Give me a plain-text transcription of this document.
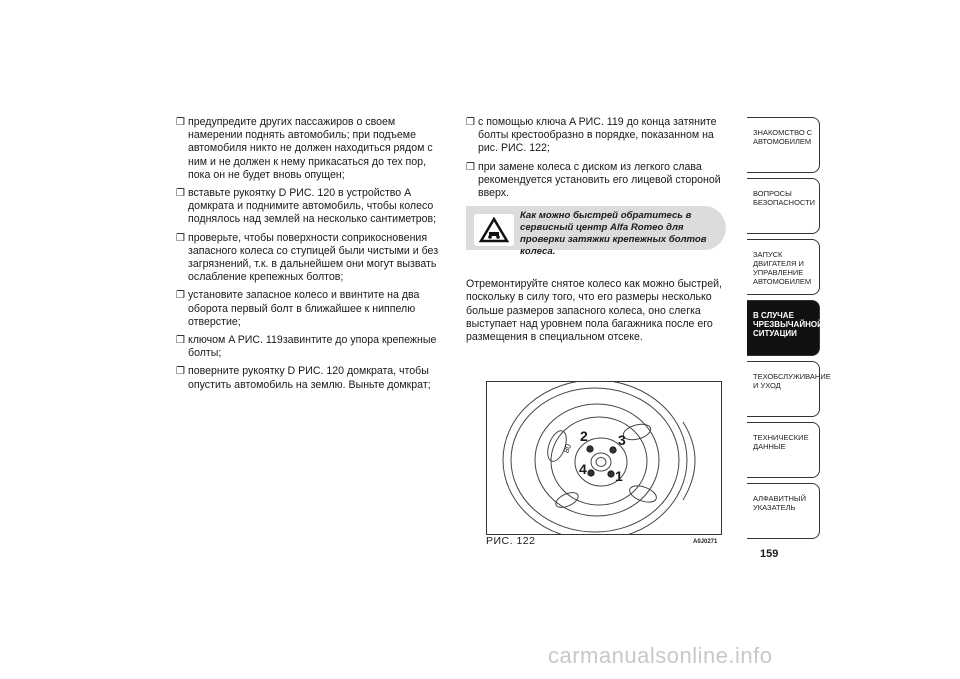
❒ предупредите других пассажиров о своем намерении поднять автомобиль; при подъеме автомобиля никто не должен находиться рядом с ним и не должен к нему прикасаться до тех пор, пока он не будет вновь опущен;
❒ вставьте рукоятку D РИС. 120 в устройство A домкрата и поднимите автомобиль, чтобы колесо поднялось над землей на несколько сантиметров;
❒ проверьте, чтобы поверхности соприкосновения запасного колеса со ступицей были чистыми и без загрязнений, т.к. в дальнейшем они могут вызвать ослабление крепежных болтов;
❒ установите запасное колесо и ввинтите на два оборота первый болт в ближайшее к ниппелю отверстие;
❒ ключом A РИС. 119завинтите до упора крепежные болты;
❒ поверните рукоятку D РИС. 120 домкрата, чтобы опустить автомобиль на землю. Выньте домкрат;
❒ с помощью ключа A РИС. 119 до конца затяните болты крестообразно в порядке, показанном на рис. РИС. 122;
❒ при замене колеса с диском из легкого слава рекомендуется установить его лицевой стороной вверх.
Как можно быстрей обратитесь в сервисный центр Alfa Romeo для проверки затяжки крепежных болтов колеса.
Отремонтируйте снятое колесо как можно быстрей, поскольку в силу того, что его размеры несколько больше размеров запасного колеса, оно слегка выступает над уровнем пола багажника после его размещения в специальном отсеке.
2 3
4 1
80
РИС. 122	A0J0271
ЗНАКОМСТВО С
АВТОМОБИЛЕМ
ВОПРОСЫ
БЕЗОПАСНОСТИ
ЗАПУСК ДВИГАТЕЛЯ И
УПРАВЛЕНИЕ
АВТОМОБИЛЕМ
В СЛУЧАЕ
ЧРЕЗВЫЧАЙНОЙ
СИТУАЦИИ
ТЕХОБСЛУЖИВАНИЕ
И УХОД
ТЕХНИЧЕСКИЕ
ДАННЫЕ
АЛФАВИТНЫЙ
УКАЗАТЕЛЬ
159
carmanualsonline.info
